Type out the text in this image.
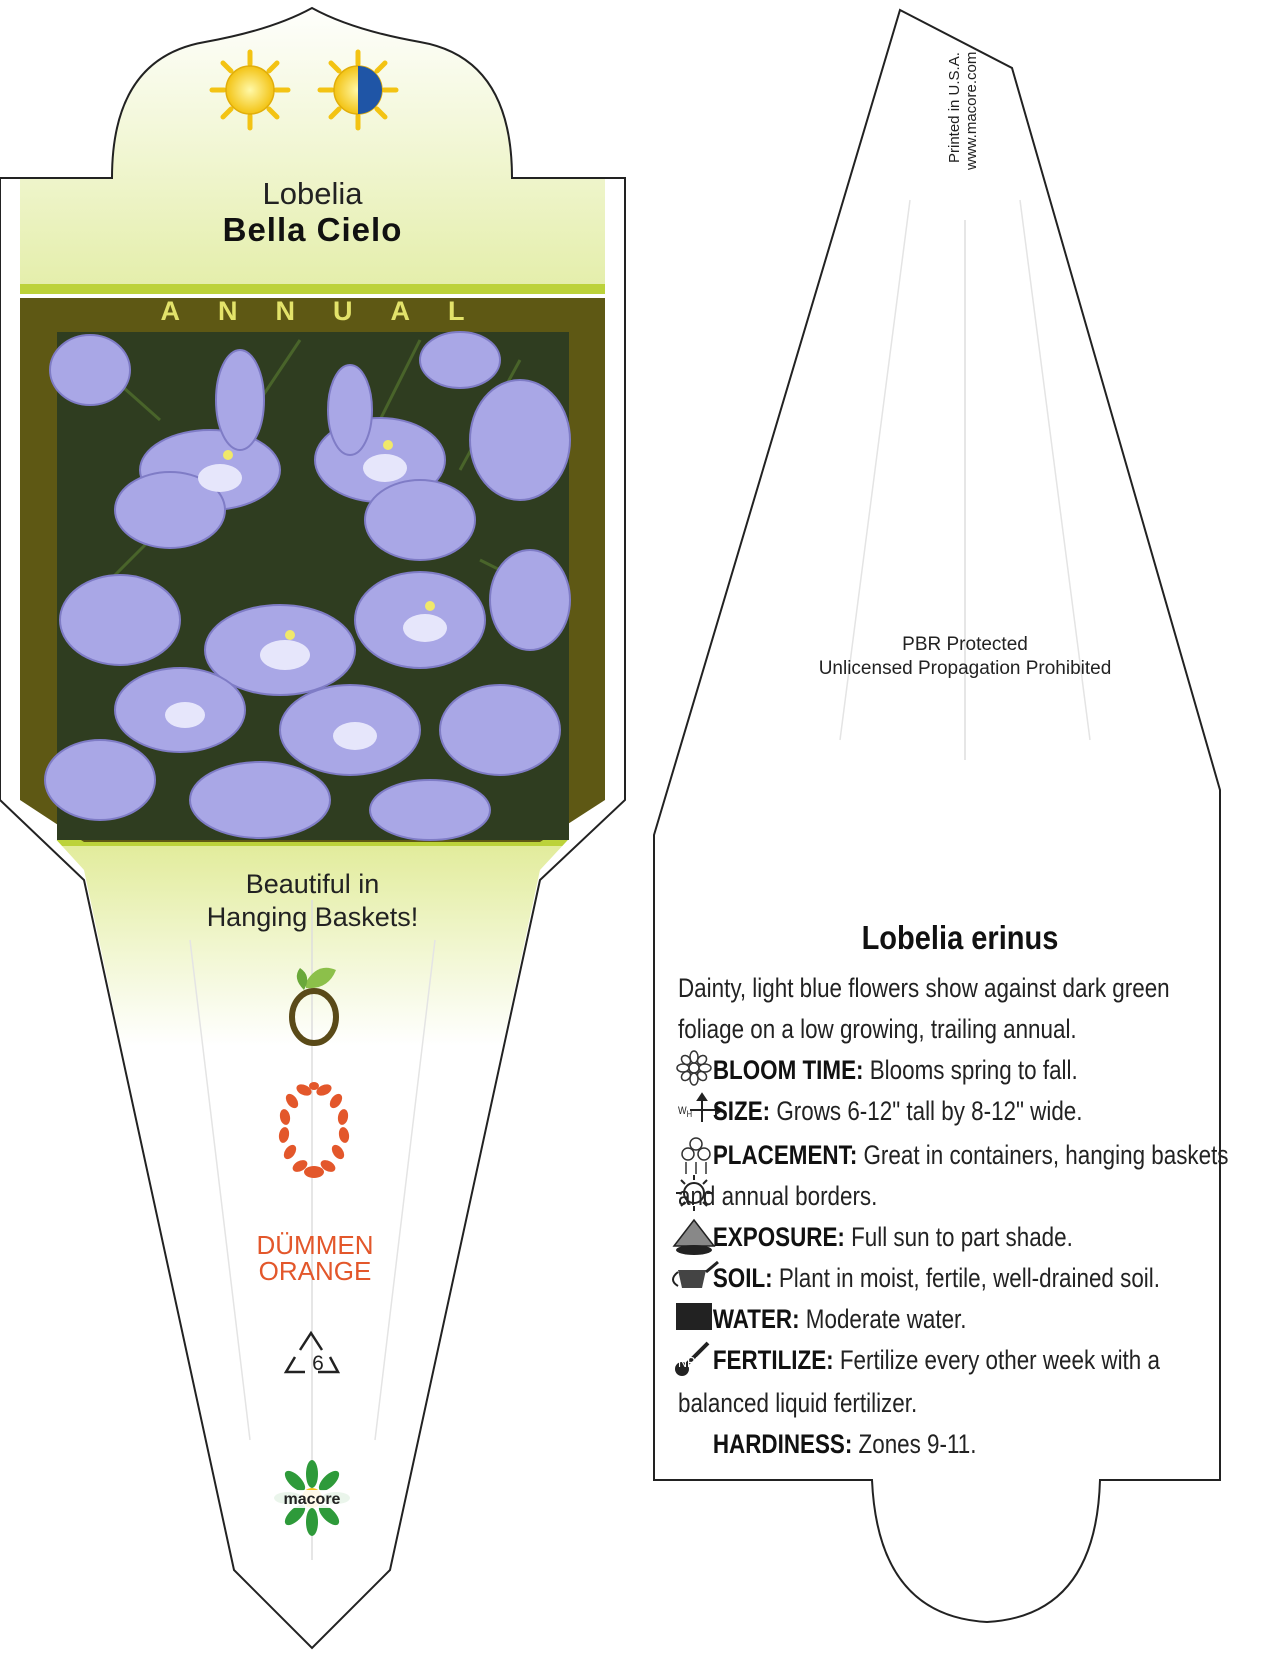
Lobelia
Bella Cielo
ANNUAL
Beautiful in
Hanging Baskets!
DÜMMEN
ORANGE
6
macore
Printed in U.S.A.
www.macore.com
PBR Protected
Unlicensed Propagation Prohibited
Lobelia erinus
Dainty, light blue flowers show against dark green
foliage on a low growing, trailing annual.
BLOOM TIME: Blooms spring to fall.
$W_H$ SIZE: Grows 6-12" tall by 8-12" wide.
PLACEMENT: Great in containers, hanging baskets
and annual borders.
EXPOSURE: Full sun to part shade.
SOIL: Plant in moist, fertile, well-drained soil.
WATER: Moderate water.
NPK FERTILIZE: Fertilize every other week with a
balanced liquid fertilizer.
HARDINESS: Zones 9-11.
